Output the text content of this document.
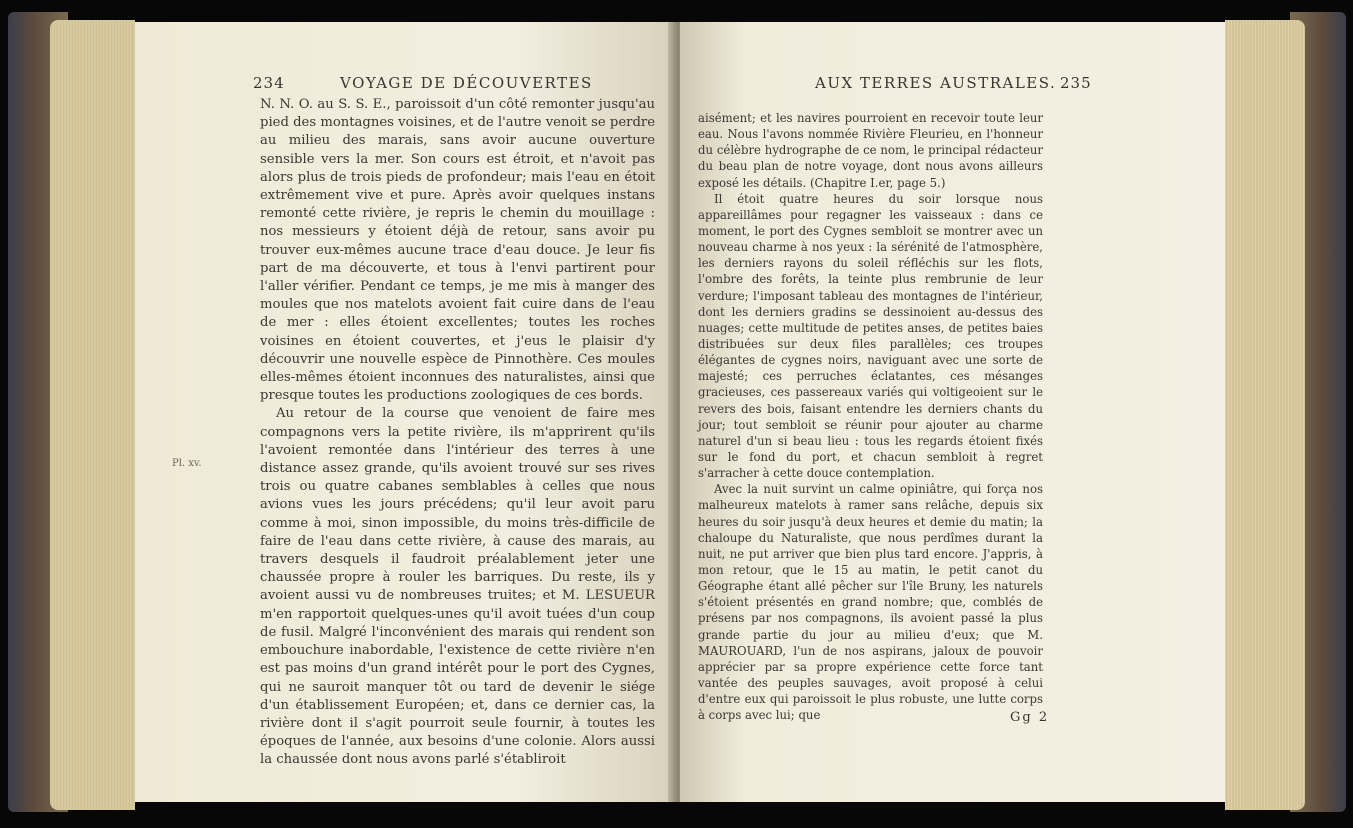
234	VOYAGE DE DÉCOUVERTES

N. N. O. au S. S. E., paroissoit d'un côté remonter jusqu'au pied des montagnes voisines, et de l'autre venoit se perdre au milieu des marais, sans avoir aucune ouverture sensible vers la mer. Son cours est étroit, et n'avoit pas alors plus de trois pieds de profondeur; mais l'eau en étoit extrêmement vive et pure. Après avoir quelques instans remonté cette rivière, je repris le chemin du mouillage : nos messieurs y étoient déjà de retour, sans avoir pu trouver eux-mêmes aucune trace d'eau douce. Je leur fis part de ma découverte, et tous à l'envi partirent pour l'aller vérifier. Pendant ce temps, je me mis à manger des moules que nos matelots avoient fait cuire dans de l'eau de mer : elles étoient excellentes; toutes les roches voisines en étoient couvertes, et j'eus le plaisir d'y découvrir une nouvelle espèce de Pinnothère. Ces moules elles-mêmes étoient inconnues des naturalistes, ainsi que presque toutes les productions zoologiques de ces bords.

Au retour de la course que venoient de faire mes compagnons vers la petite rivière, ils m'apprirent qu'ils l'avoient remontée dans l'intérieur des terres à une distance assez grande, qu'ils avoient trouvé sur ses rives trois ou quatre cabanes semblables à celles que nous avions vues les jours précédens; qu'il leur avoit paru comme à moi, sinon impossible, du moins très-difficile de faire de l'eau dans cette rivière, à cause des marais, au travers desquels il faudroit préalablement jeter une chaussée propre à rouler les barriques. Du reste, ils y avoient aussi vu de nombreuses truites; et M. LESUEUR m'en rapportoit quelques-unes qu'il avoit tuées d'un coup de fusil. Malgré l'inconvénient des marais qui rendent son embouchure inabordable, l'existence de cette rivière n'en est pas moins d'un grand intérêt pour le port des Cygnes, qui ne sauroit manquer tôt ou tard de devenir le siége d'un établissement Européen; et, dans ce dernier cas, la rivière dont il s'agit pourroit seule fournir, à toutes les époques de l'année, aux besoins d'une colonie. Alors aussi la chaussée dont nous avons parlé s'établiroit

AUX TERRES AUSTRALES. 235

aisément; et les navires pourroient en recevoir toute leur eau. Nous l'avons nommée Rivière Fleurieu, en l'honneur du célèbre hydrographe de ce nom, le principal rédacteur du beau plan de notre voyage, dont nous avons ailleurs exposé les détails. (Chapitre I.er, page 5.)

Il étoit quatre heures du soir lorsque nous appareillâmes pour regagner les vaisseaux : dans ce moment, le port des Cygnes sembloit se montrer avec un nouveau charme à nos yeux : la sérénité de l'atmosphère, les derniers rayons du soleil réfléchis sur les flots, l'ombre des forêts, la teinte plus rembrunie de leur verdure; l'imposant tableau des montagnes de l'intérieur, dont les derniers gradins se dessinoient au-dessus des nuages; cette multitude de petites anses, de petites baies distribuées sur deux files parallèles; ces troupes élégantes de cygnes noirs, naviguant avec une sorte de majesté; ces perruches éclatantes, ces mésanges gracieuses, ces passereaux variés qui voltigeoient sur le revers des bois, faisant entendre les derniers chants du jour; tout sembloit se réunir pour ajouter au charme naturel d'un si beau lieu : tous les regards étoient fixés sur le fond du port, et chacun sembloit à regret s'arracher à cette douce contemplation.

Avec la nuit survint un calme opiniâtre, qui força nos malheureux matelots à ramer sans relâche, depuis six heures du soir jusqu'à deux heures et demie du matin; la chaloupe du Naturaliste, que nous perdîmes durant la nuit, ne put arriver que bien plus tard encore. J'appris, à mon retour, que le 15 au matin, le petit canot du Géographe étant allé pêcher sur l'île Bruny, les naturels s'étoient présentés en grand nombre; que, comblés de présens par nos compagnons, ils avoient passé la plus grande partie du jour au milieu d'eux; que M. MAUROUARD, l'un de nos aspirans, jaloux de pouvoir apprécier par sa propre expérience cette force tant vantée des peuples sauvages, avoit proposé à celui d'entre eux qui paroissoit le plus robuste, une lutte corps à corps avec lui; que	Gg 2
Pl. xv.
